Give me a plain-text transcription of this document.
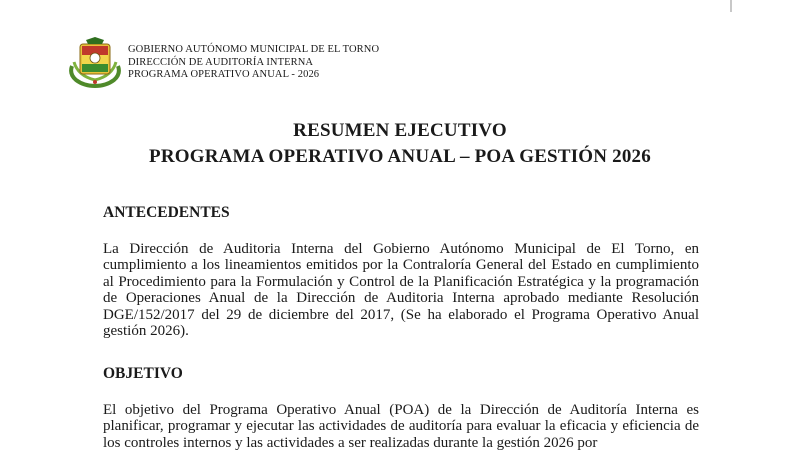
GOBIERNO AUTÓNOMO MUNICIPAL DE EL TORNO
DIRECCIÓN DE AUDITORÍA INTERNA
PROGRAMA OPERATIVO ANUAL - 2026
RESUMEN EJECUTIVO
PROGRAMA OPERATIVO ANUAL – POA GESTIÓN 2026
ANTECEDENTES
La Dirección de Auditoria Interna del Gobierno Autónomo Municipal de El Torno, en cumplimiento a los lineamientos emitidos por la Contraloría General del Estado en cumplimiento al Procedimiento para la Formulación y Control de la Planificación Estratégica y la programación de Operaciones Anual de la Dirección de Auditoria Interna aprobado mediante Resolución DGE/152/2017 del 29 de diciembre del 2017, (Se ha elaborado el Programa Operativo Anual gestión 2026).
OBJETIVO
El objetivo del Programa Operativo Anual (POA) de la Dirección de Auditoría Interna es planificar, programar y ejecutar las actividades de auditoría para evaluar la eficacia y eficiencia de los controles internos y las actividades a ser realizadas durante la gestión 2026 por
